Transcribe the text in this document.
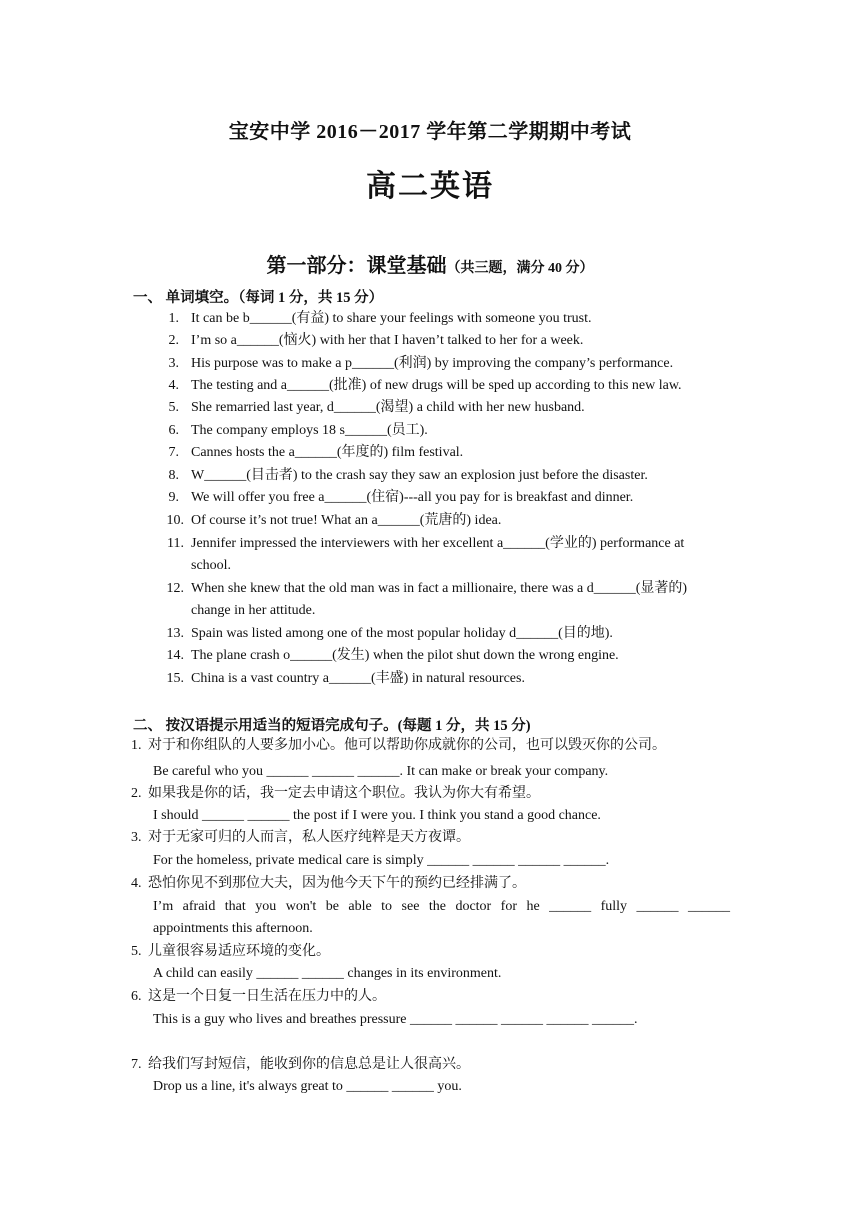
宝安中学 2016－2017 学年第二学期期中考试
高二英语
第一部分：课堂基础（共三题，满分 40 分）
一、 单词填空。（每词 1 分，共 15 分）
1. It can be b______(有益) to share your feelings with someone you trust.
2. I’m so a______(恼火) with her that I haven’t talked to her for a week.
3. His purpose was to make a p______(利润) by improving the company’s performance.
4. The testing and a______(批准) of new drugs will be sped up according to this new law.
5. She remarried last year, d______(渴望) a child with her new husband.
6. The company employs 18 s______(员工).
7. Cannes hosts the a______(年度的) film festival.
8. W______(目击者) to the crash say they saw an explosion just before the disaster.
9. We will offer you free a______(住宿)---all you pay for is breakfast and dinner.
10. Of course it’s not true! What an a______(荒唐的) idea.
11. Jennifer impressed the interviewers with her excellent a______(学业的) performance at
school.
12. When she knew that the old man was in fact a millionaire, there was a d______(显著的)
change in her attitude.
13. Spain was listed among one of the most popular holiday d______(目的地).
14. The plane crash o______(发生) when the pilot shut down the wrong engine.
15. China is a vast country a______(丰盛) in natural resources.
二、 按汉语提示用适当的短语完成句子。(每题 1 分，共 15 分)
1. 对于和你组队的人要多加小心。他可以帮助你成就你的公司，也可以毁灭你的公司。
Be careful who you ______ ______ ______. It can make or break your company.
2. 如果我是你的话，我一定去申请这个职位。我认为你大有希望。
I should ______ ______ the post if I were you. I think you stand a good chance.
3. 对于无家可归的人而言，私人医疗纯粹是天方夜谭。
For the homeless, private medical care is simply ______ ______ ______ ______.
4. 恐怕你见不到那位大夫，因为他今天下午的预约已经排满了。
I’m afraid that you won't be able to see the doctor for he ______ fully ______ ______
appointments this afternoon.
5. 儿童很容易适应环境的变化。
A child can easily ______ ______ changes in its environment.
6. 这是一个日复一日生活在压力中的人。
This is a guy who lives and breathes pressure ______ ______ ______ ______ ______.
7. 给我们写封短信，能收到你的信息总是让人很高兴。
Drop us a line, it's always great to ______ ______ you.
